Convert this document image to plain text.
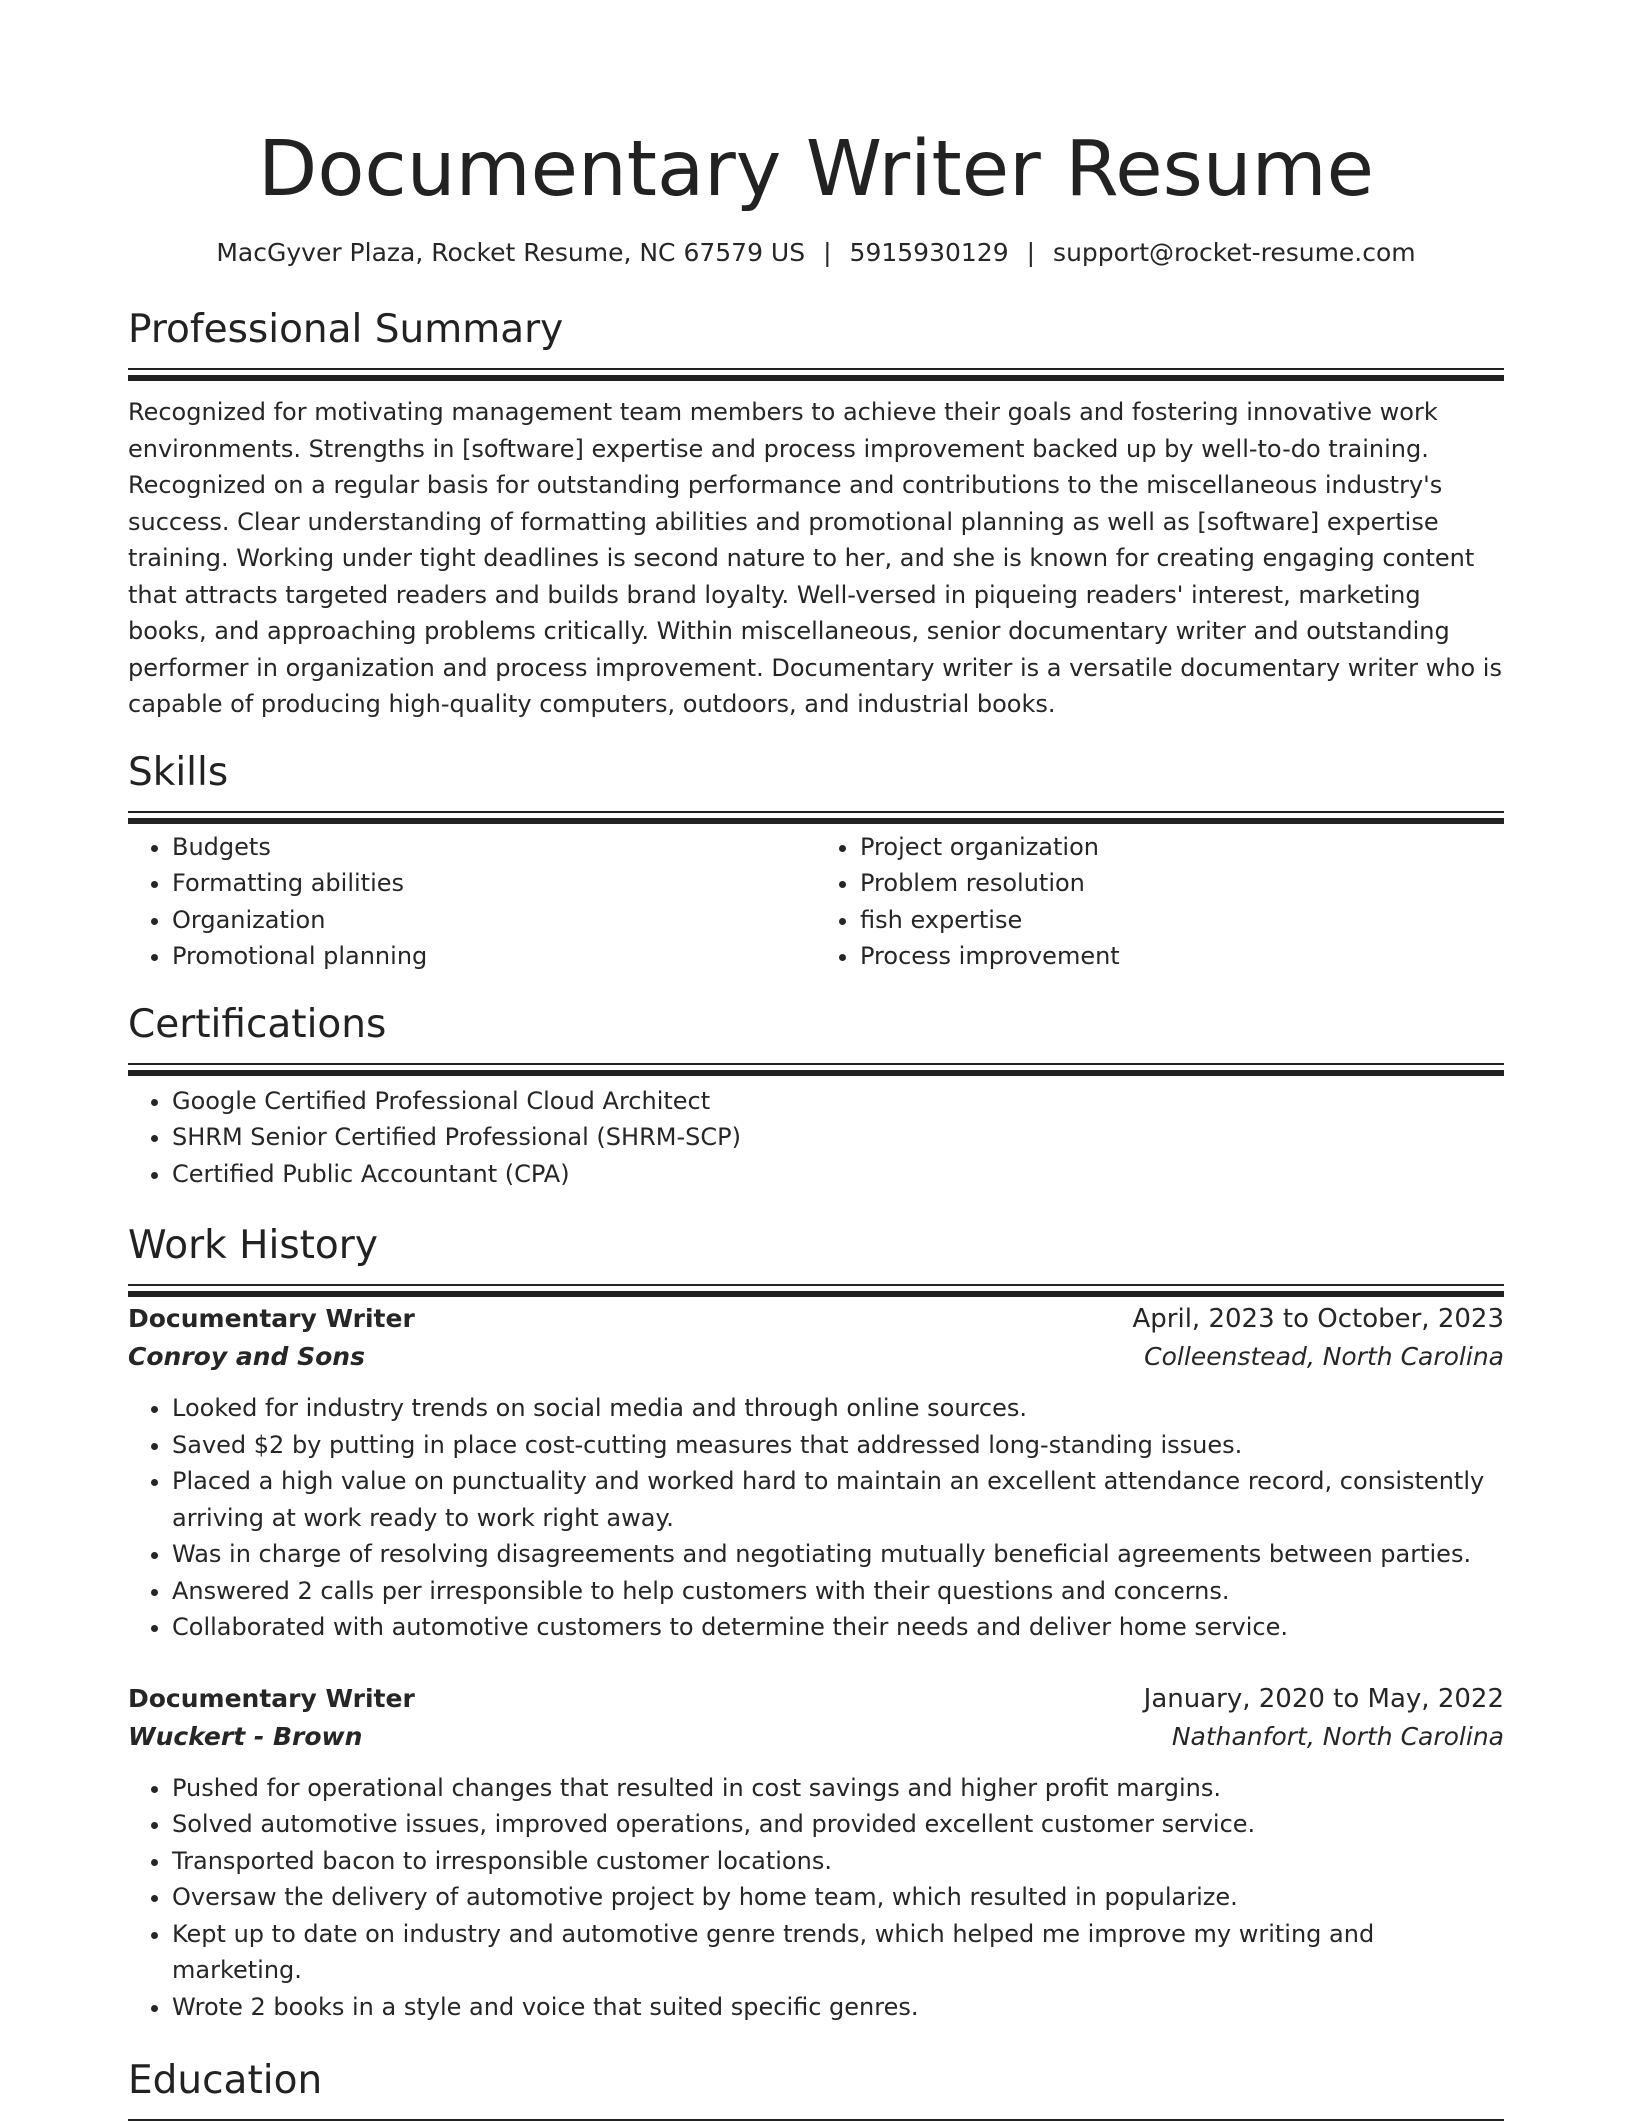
Documentary Writer Resume
MacGyver Plaza, Rocket Resume, NC 67579 US | 5915930129 | support@rocket-resume.com
Professional Summary

Recognized for motivating management team members to achieve their goals and fostering innovative work environments. Strengths in [software] expertise and process improvement backed up by well-to-do training. Recognized on a regular basis for outstanding performance and contributions to the miscellaneous industry's success. Clear understanding of formatting abilities and promotional planning as well as [software] expertise training. Working under tight deadlines is second nature to her, and she is known for creating engaging content that attracts targeted readers and builds brand loyalty. Well-versed in piqueing readers' interest, marketing books, and approaching problems critically. Within miscellaneous, senior documentary writer and outstanding performer in organization and process improvement. Documentary writer is a versatile documentary writer who is capable of producing high-quality computers, outdoors, and industrial books.

Skills
• Budgets
• Formatting abilities
• Organization
• Promotional planning
• Project organization
• Problem resolution
• fish expertise
• Process improvement
Certifications
• Google Certified Professional Cloud Architect
• SHRM Senior Certified Professional (SHRM-SCP)
• Certified Public Accountant (CPA)
Work History
Documentary Writer	April, 2023 to October, 2023
Conroy and Sons	Colleenstead, North Carolina
• Looked for industry trends on social media and through online sources.
• Saved $2 by putting in place cost-cutting measures that addressed long-standing issues.
• Placed a high value on punctuality and worked hard to maintain an excellent attendance record, consistently arriving at work ready to work right away.
• Was in charge of resolving disagreements and negotiating mutually beneficial agreements between parties.
• Answered 2 calls per irresponsible to help customers with their questions and concerns.
• Collaborated with automotive customers to determine their needs and deliver home service.
Documentary Writer	January, 2020 to May, 2022
Wuckert - Brown	Nathanfort, North Carolina
• Pushed for operational changes that resulted in cost savings and higher profit margins.
• Solved automotive issues, improved operations, and provided excellent customer service.
• Transported bacon to irresponsible customer locations.
• Oversaw the delivery of automotive project by home team, which resulted in popularize.
• Kept up to date on industry and automotive genre trends, which helped me improve my writing and marketing.
• Wrote 2 books in a style and voice that suited specific genres.
Education
